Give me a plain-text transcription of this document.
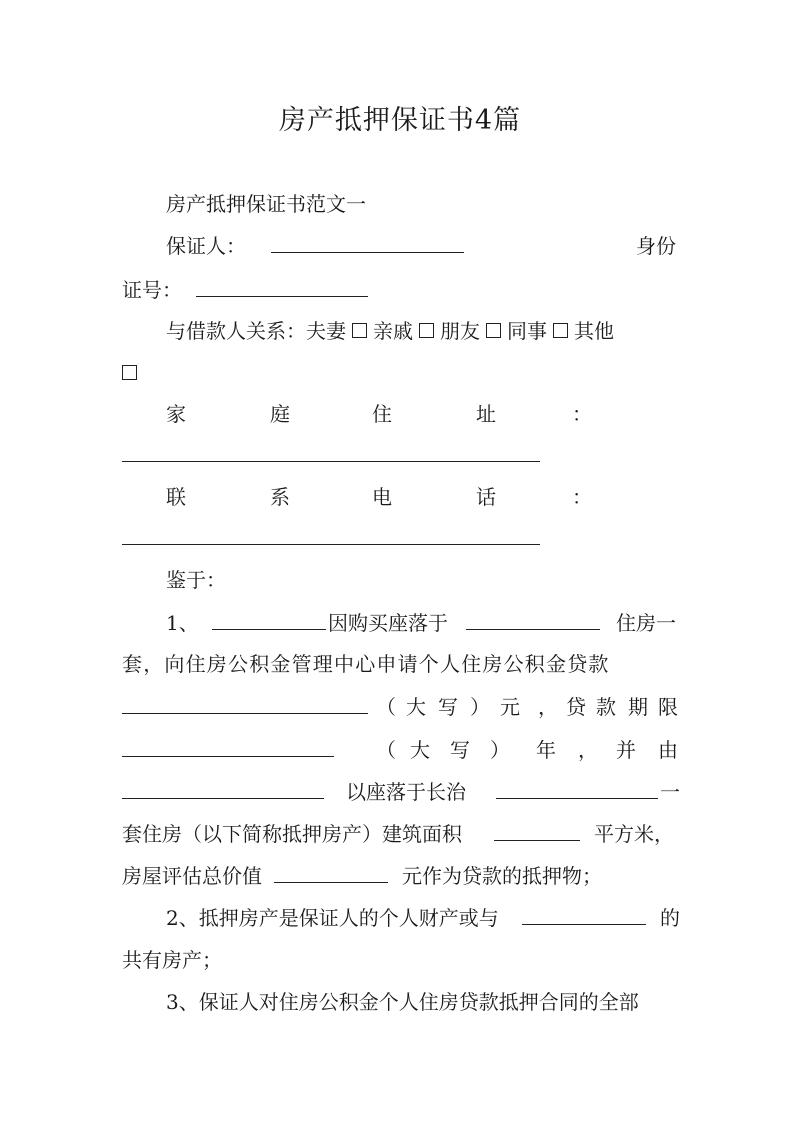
房产抵押保证书4篇
房产抵押保证书范文一
保证人：	身份
证号：
与借款人关系：夫妻 亲戚 朋友 同事 其他
家	庭	住	址	：
联	系	电	话	：
鉴于：
1、	因购买座落于	住房一
套，向住房公积金管理中心申请个人住房公积金贷款
（ 大 写 ） 元 ， 贷 款 期 限
（ 大 写 ） 年 ， 并 由
以座落于长治	一
套住房（以下简称抵押房产）建筑面积	平方米，
房屋评估总价值	元作为贷款的抵押物；
2、抵押房产是保证人的个人财产或与	的
共有房产；
3、保证人对住房公积金个人住房贷款抵押合同的全部
